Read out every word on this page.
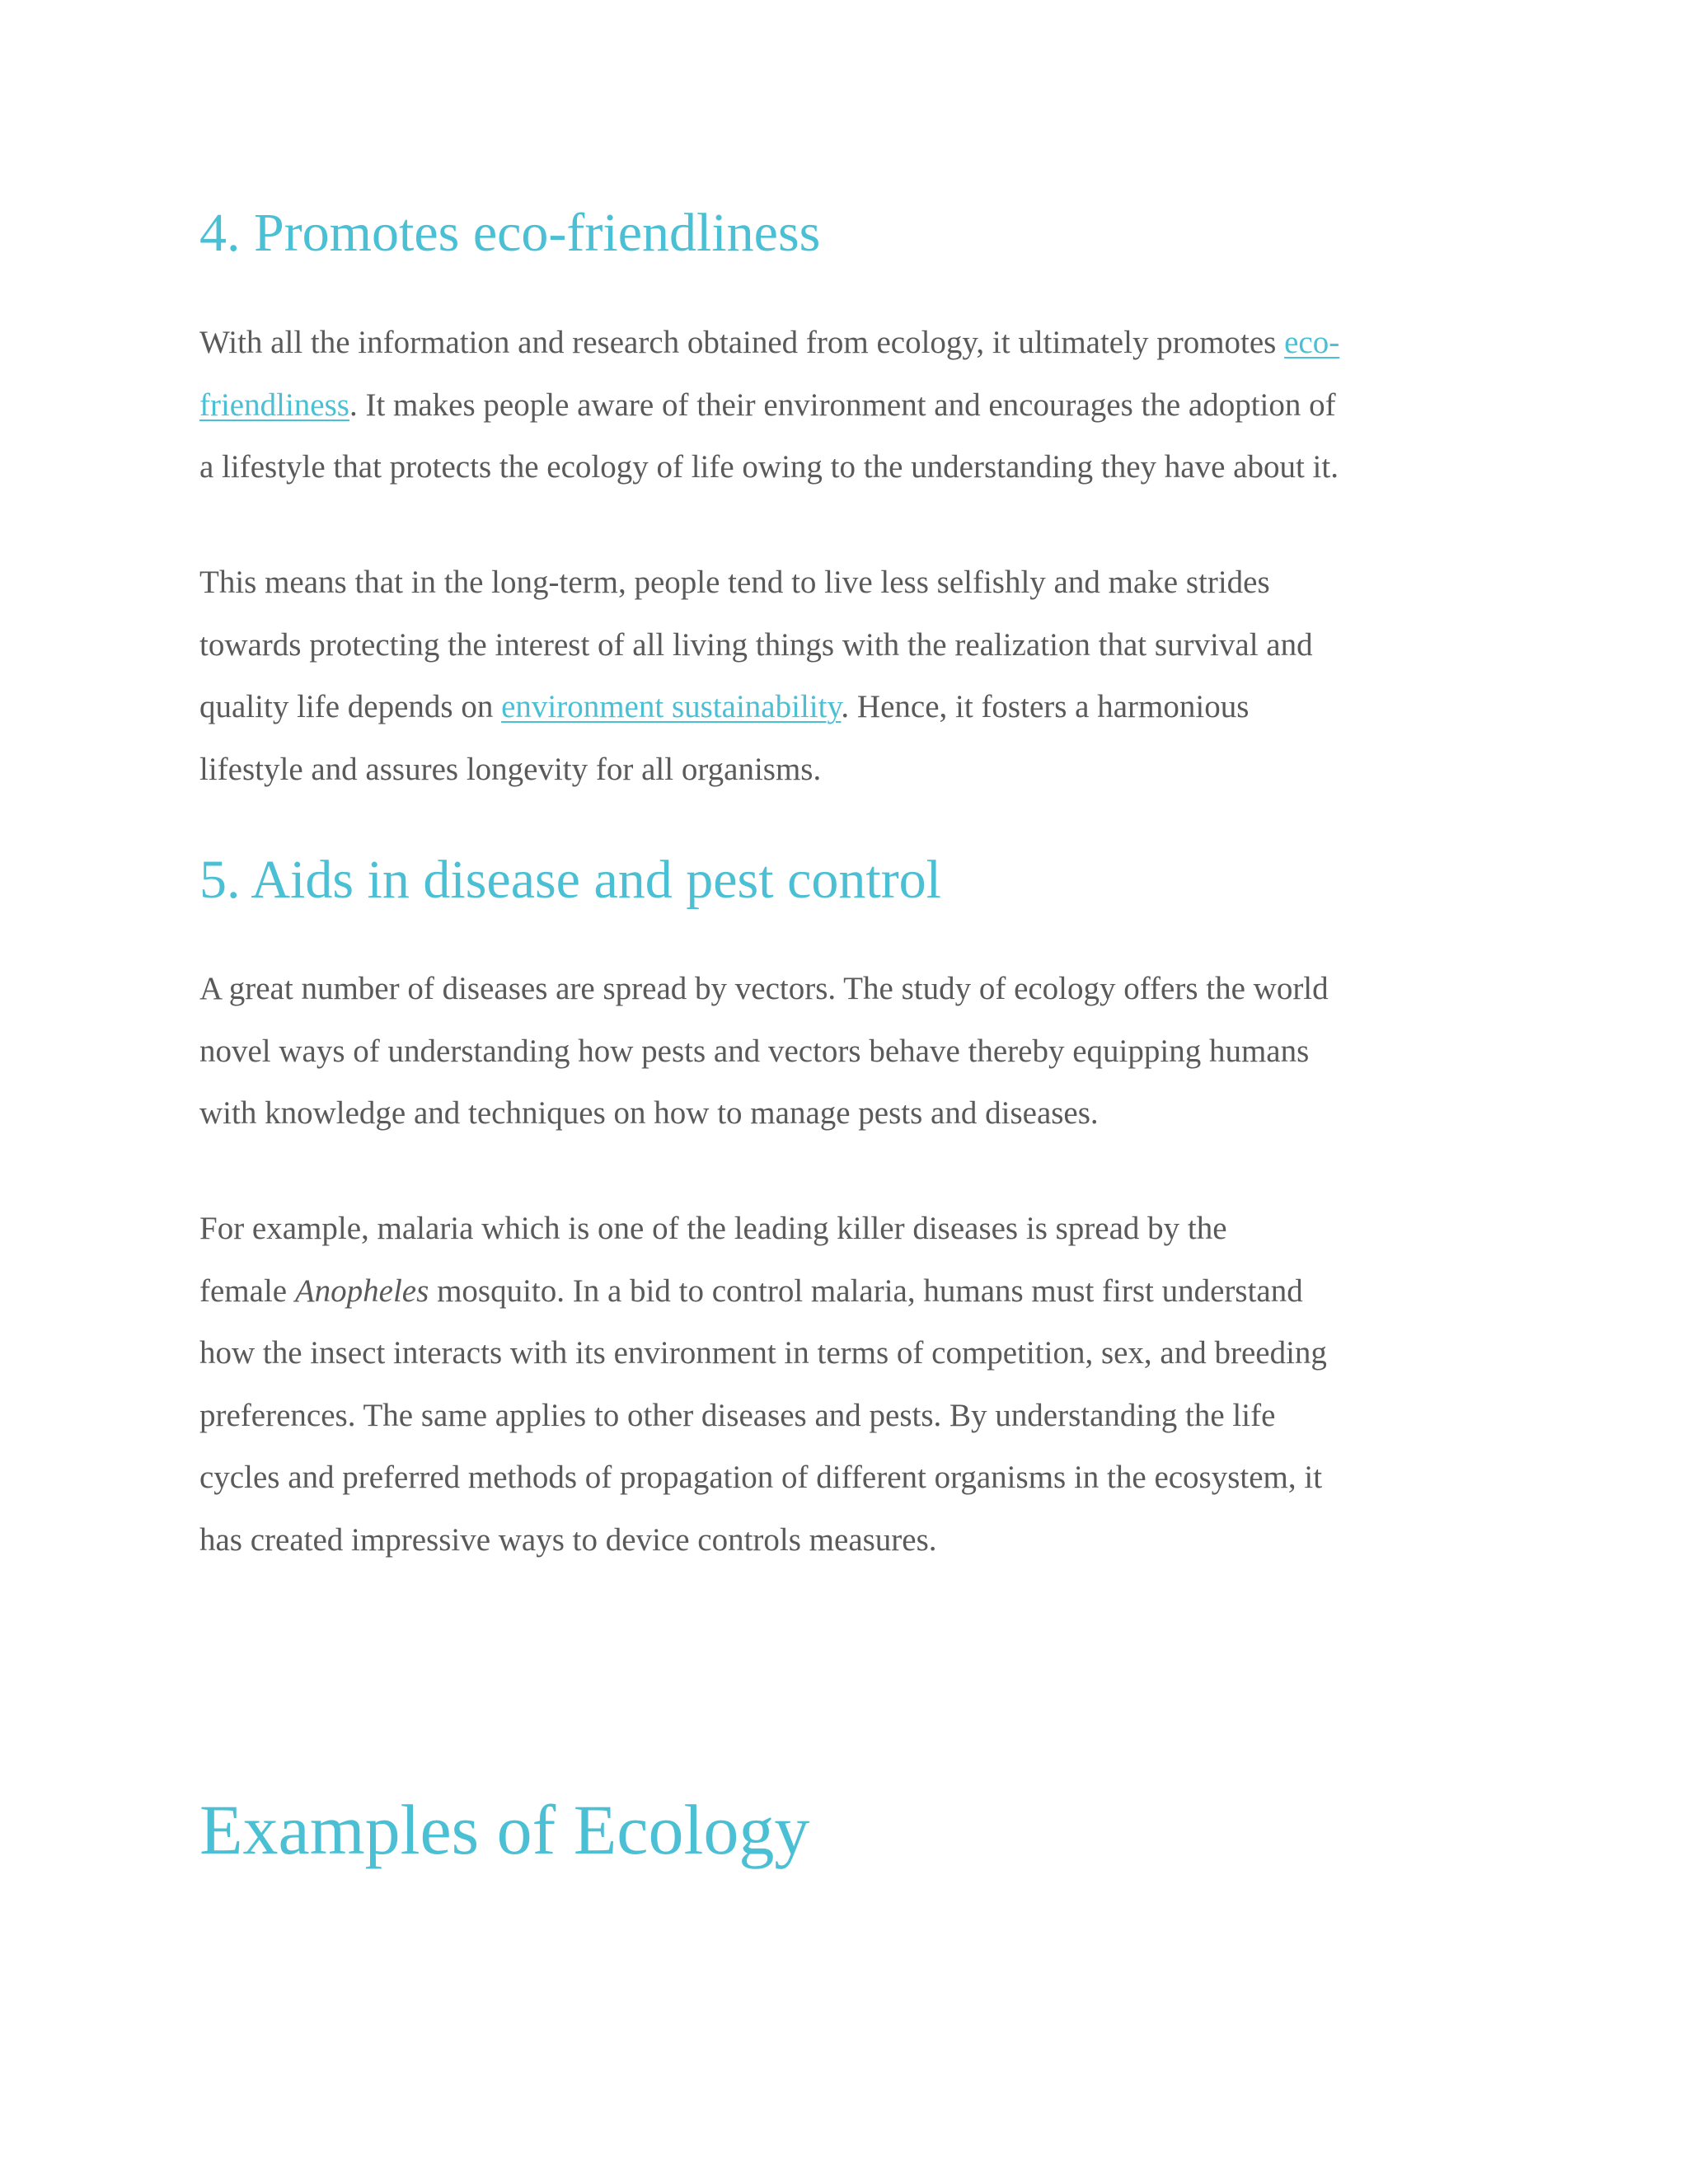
4. Promotes eco-friendliness

With all the information and research obtained from ecology, it ultimately promotes eco-
friendliness. It makes people aware of their environment and encourages the adoption of
a lifestyle that protects the ecology of life owing to the understanding they have about it.

This means that in the long-term, people tend to live less selfishly and make strides
towards protecting the interest of all living things with the realization that survival and
quality life depends on environment sustainability. Hence, it fosters a harmonious
lifestyle and assures longevity for all organisms.

5. Aids in disease and pest control

A great number of diseases are spread by vectors. The study of ecology offers the world
novel ways of understanding how pests and vectors behave thereby equipping humans
with knowledge and techniques on how to manage pests and diseases.

For example, malaria which is one of the leading killer diseases is spread by the
female Anopheles mosquito. In a bid to control malaria, humans must first understand
how the insect interacts with its environment in terms of competition, sex, and breeding
preferences. The same applies to other diseases and pests. By understanding the life
cycles and preferred methods of propagation of different organisms in the ecosystem, it
has created impressive ways to device controls measures.

Examples of Ecology
